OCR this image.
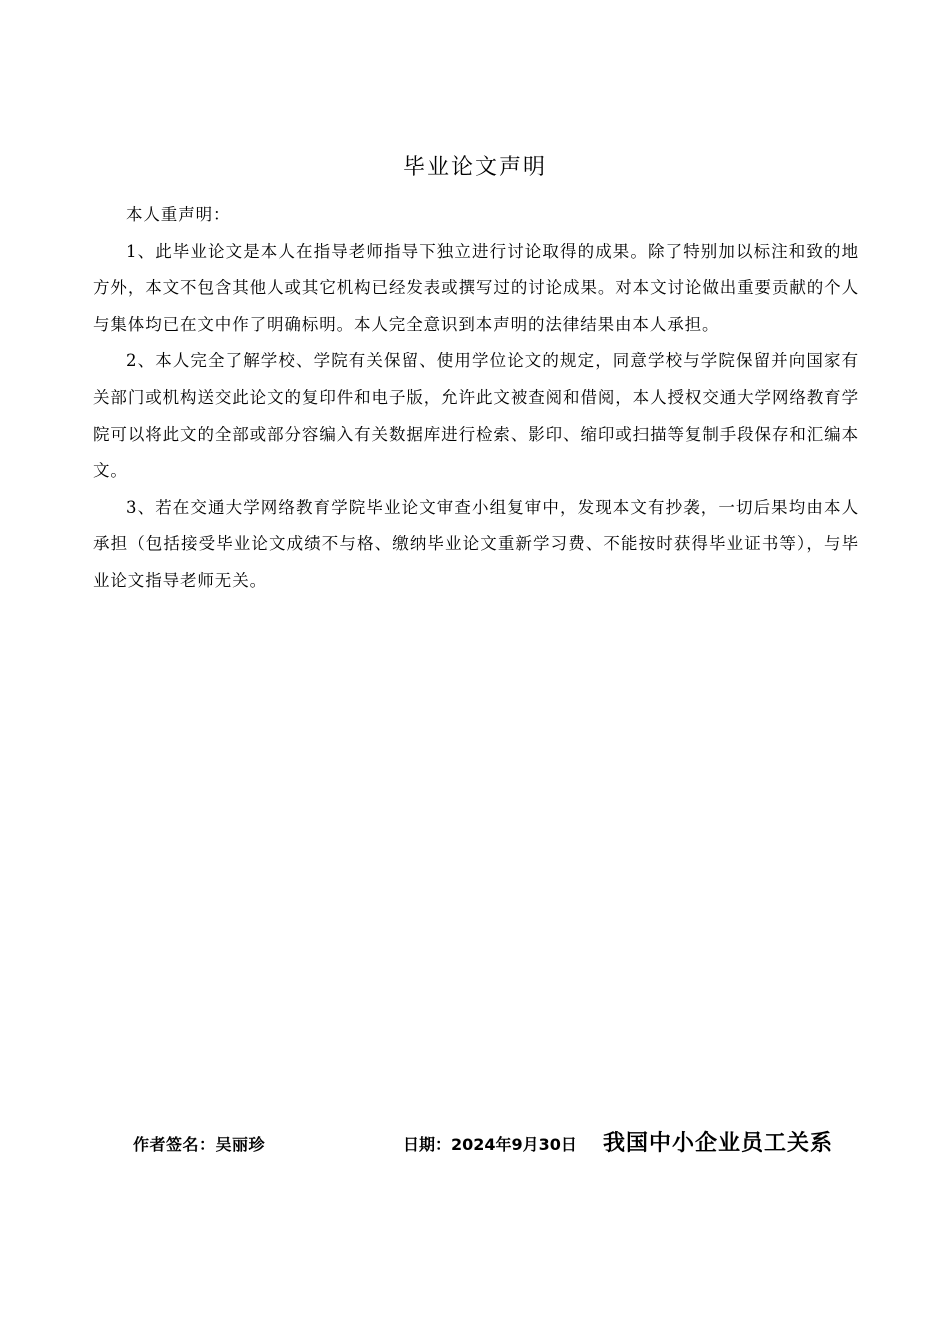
毕业论文声明

本人重声明：

1、此毕业论文是本人在指导老师指导下独立进行讨论取得的成果。除了特别加以标注和致的地方外，本文不包含其他人或其它机构已经发表或撰写过的讨论成果。对本文讨论做出重要贡献的个人与集体均已在文中作了明确标明。本人完全意识到本声明的法律结果由本人承担。

2、本人完全了解学校、学院有关保留、使用学位论文的规定，同意学校与学院保留并向国家有关部门或机构送交此论文的复印件和电子版，允许此文被查阅和借阅，本人授权交通大学网络教育学院可以将此文的全部或部分容编入有关数据库进行检索、影印、缩印或扫描等复制手段保存和汇编本文。

3、若在交通大学网络教育学院毕业论文审查小组复审中，发现本文有抄袭，一切后果均由本人承担（包括接受毕业论文成绩不与格、缴纳毕业论文重新学习费、不能按时获得毕业证书等），与毕业论文指导老师无关。

作者签名：吴丽珍	日期：2024年9月30日 我国中小企业员工关系
